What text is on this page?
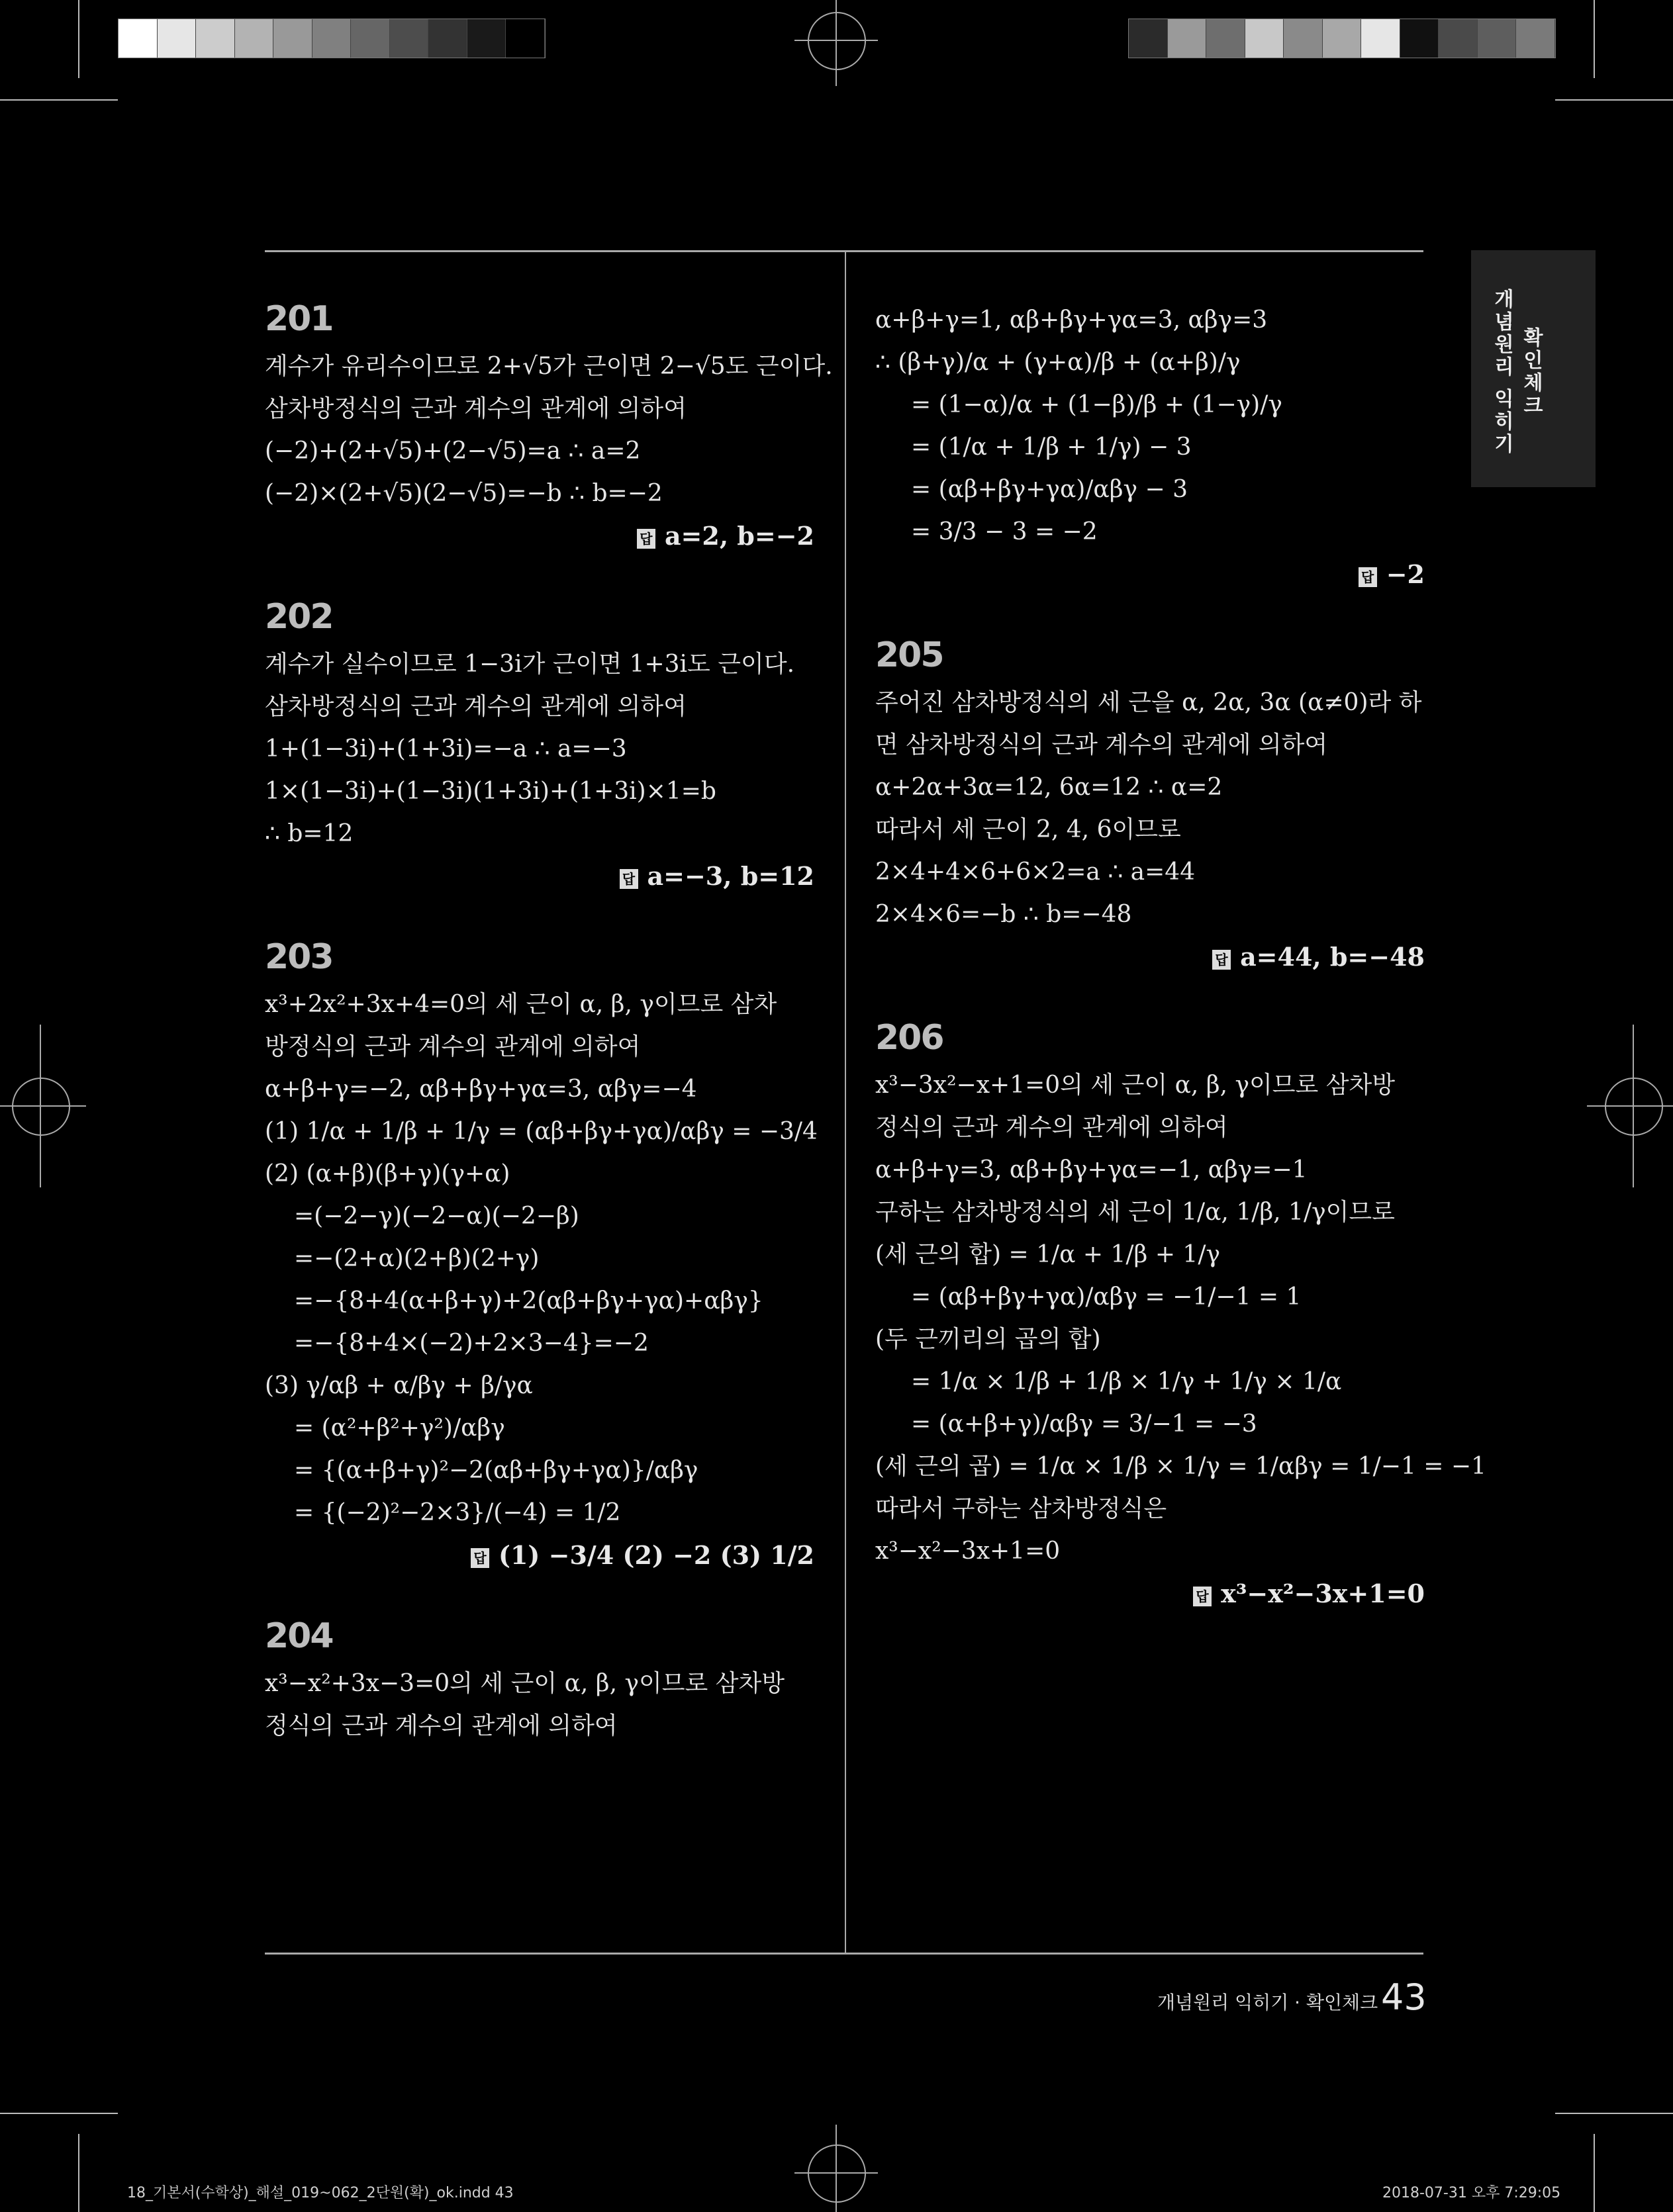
개념원리 익히기 확인체크
201
계수가 유리수이므로 2+√5가 근이면 2−√5도 근이다.
삼차방정식의 근과 계수의 관계에 의하여
(−2)+(2+√5)+(2−√5)=a ∴ a=2
(−2)×(2+√5)(2−√5)=−b ∴ b=−2
답 a=2, b=−2
202
계수가 실수이므로 1−3i가 근이면 1+3i도 근이다.
삼차방정식의 근과 계수의 관계에 의하여
1+(1−3i)+(1+3i)=−a ∴ a=−3
1×(1−3i)+(1−3i)(1+3i)+(1+3i)×1=b
∴ b=12
답 a=−3, b=12
203
x³+2x²+3x+4=0의 세 근이 α, β, γ이므로 삼차
방정식의 근과 계수의 관계에 의하여
α+β+γ=−2, αβ+βγ+γα=3, αβγ=−4
(1) 1/α + 1/β + 1/γ = (αβ+βγ+γα)/αβγ = −3/4
(2) (α+β)(β+γ)(γ+α)
=(−2−γ)(−2−α)(−2−β)
=−(2+α)(2+β)(2+γ)
=−{8+4(α+β+γ)+2(αβ+βγ+γα)+αβγ}
=−{8+4×(−2)+2×3−4}=−2
(3) γ/αβ + α/βγ + β/γα
= (α²+β²+γ²)/αβγ
= {(α+β+γ)²−2(αβ+βγ+γα)}/αβγ
= {(−2)²−2×3}/(−4) = 1/2
답 (1) −3/4 (2) −2 (3) 1/2
204
x³−x²+3x−3=0의 세 근이 α, β, γ이므로 삼차방
정식의 근과 계수의 관계에 의하여
α+β+γ=1, αβ+βγ+γα=3, αβγ=3
∴ (β+γ)/α + (γ+α)/β + (α+β)/γ
= (1−α)/α + (1−β)/β + (1−γ)/γ
= (1/α + 1/β + 1/γ) − 3
= (αβ+βγ+γα)/αβγ − 3
= 3/3 − 3 = −2
답 −2
205
주어진 삼차방정식의 세 근을 α, 2α, 3α (α≠0)라 하
면 삼차방정식의 근과 계수의 관계에 의하여
α+2α+3α=12, 6α=12 ∴ α=2
따라서 세 근이 2, 4, 6이므로
2×4+4×6+6×2=a ∴ a=44
2×4×6=−b ∴ b=−48
답 a=44, b=−48
206
x³−3x²−x+1=0의 세 근이 α, β, γ이므로 삼차방
정식의 근과 계수의 관계에 의하여
α+β+γ=3, αβ+βγ+γα=−1, αβγ=−1
구하는 삼차방정식의 세 근이 1/α, 1/β, 1/γ이므로
(세 근의 합) = 1/α + 1/β + 1/γ
= (αβ+βγ+γα)/αβγ = −1/−1 = 1
(두 근끼리의 곱의 합)
= 1/α × 1/β + 1/β × 1/γ + 1/γ × 1/α
= (α+β+γ)/αβγ = 3/−1 = −3
(세 근의 곱) = 1/α × 1/β × 1/γ = 1/αβγ = 1/−1 = −1
따라서 구하는 삼차방정식은
x³−x²−3x+1=0
답 x³−x²−3x+1=0
개념원리 익히기 · 확인체크 43
18_기본서(수학상)_해설_019~062_2단원(확)_ok.indd 43	2018-07-31 오후 7:29:05
